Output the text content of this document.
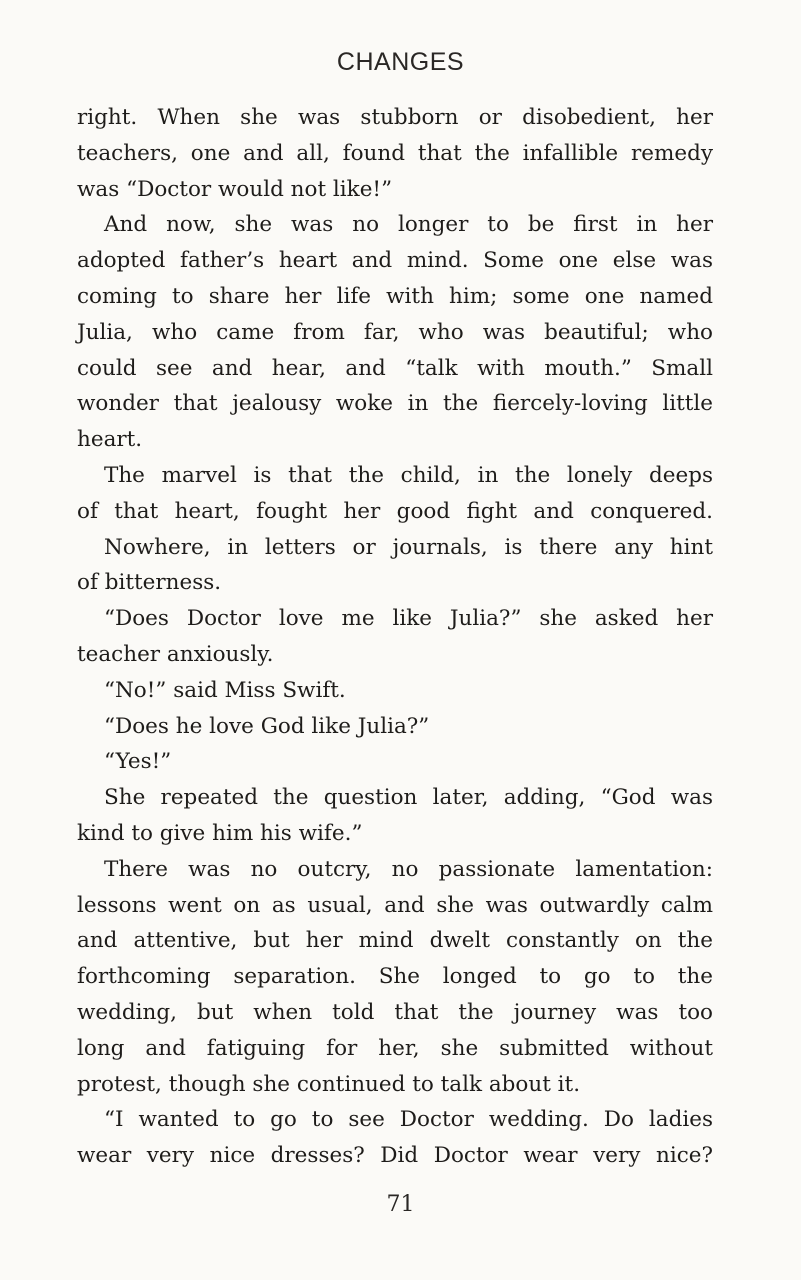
CHANGES
right. When she was stubborn or disobedient, her
teachers, one and all, found that the infallible remedy
was “Doctor would not like!”
And now, she was no longer to be first in her
adopted father’s heart and mind. Some one else was
coming to share her life with him; some one named
Julia, who came from far, who was beautiful; who
could see and hear, and “talk with mouth.” Small
wonder that jealousy woke in the fiercely-loving little
heart.
The marvel is that the child, in the lonely deeps
of that heart, fought her good fight and conquered.
Nowhere, in letters or journals, is there any hint
of bitterness.
“Does Doctor love me like Julia?” she asked her
teacher anxiously.
“No!” said Miss Swift.
“Does he love God like Julia?”
“Yes!”
She repeated the question later, adding, “God was
kind to give him his wife.”
There was no outcry, no passionate lamentation:
lessons went on as usual, and she was outwardly calm
and attentive, but her mind dwelt constantly on the
forthcoming separation. She longed to go to the
wedding, but when told that the journey was too
long and fatiguing for her, she submitted without
protest, though she continued to talk about it.
“I wanted to go to see Doctor wedding. Do ladies
wear very nice dresses? Did Doctor wear very nice?
71
